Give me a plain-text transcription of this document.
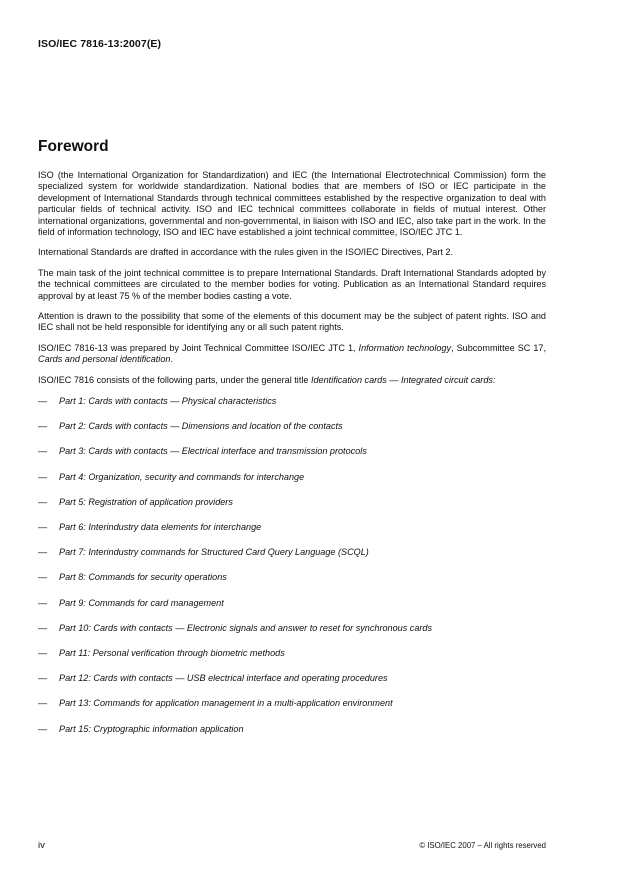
ISO/IEC 7816-13:2007(E)
Foreword

ISO (the International Organization for Standardization) and IEC (the International Electrotechnical Commission) form the specialized system for worldwide standardization. National bodies that are members of ISO or IEC participate in the development of International Standards through technical committees established by the respective organization to deal with particular fields of technical activity. ISO and IEC technical committees collaborate in fields of mutual interest. Other international organizations, governmental and non-governmental, in liaison with ISO and IEC, also take part in the work. In the field of information technology, ISO and IEC have established a joint technical committee, ISO/IEC JTC 1.

International Standards are drafted in accordance with the rules given in the ISO/IEC Directives, Part 2.

The main task of the joint technical committee is to prepare International Standards. Draft International Standards adopted by the technical committees are circulated to the member bodies for voting. Publication as an International Standard requires approval by at least 75 % of the member bodies casting a vote.

Attention is drawn to the possibility that some of the elements of this document may be the subject of patent rights. ISO and IEC shall not be held responsible for identifying any or all such patent rights.

ISO/IEC 7816-13 was prepared by Joint Technical Committee ISO/IEC JTC 1, Information technology, Subcommittee SC 17, Cards and personal identification.

ISO/IEC 7816 consists of the following parts, under the general title Identification cards — Integrated circuit cards:

—	Part 1: Cards with contacts — Physical characteristics
—	Part 2: Cards with contacts — Dimensions and location of the contacts
—	Part 3: Cards with contacts — Electrical interface and transmission protocols
—	Part 4: Organization, security and commands for interchange
—	Part 5: Registration of application providers
—	Part 6: Interindustry data elements for interchange
—	Part 7: Interindustry commands for Structured Card Query Language (SCQL)
—	Part 8: Commands for security operations
—	Part 9: Commands for card management
—	Part 10: Cards with contacts — Electronic signals and answer to reset for synchronous cards
—	Part 11: Personal verification through biometric methods
—	Part 12: Cards with contacts — USB electrical interface and operating procedures
—	Part 13: Commands for application management in a multi-application environment
—	Part 15: Cryptographic information application
iv	© ISO/IEC 2007 – All rights reserved
